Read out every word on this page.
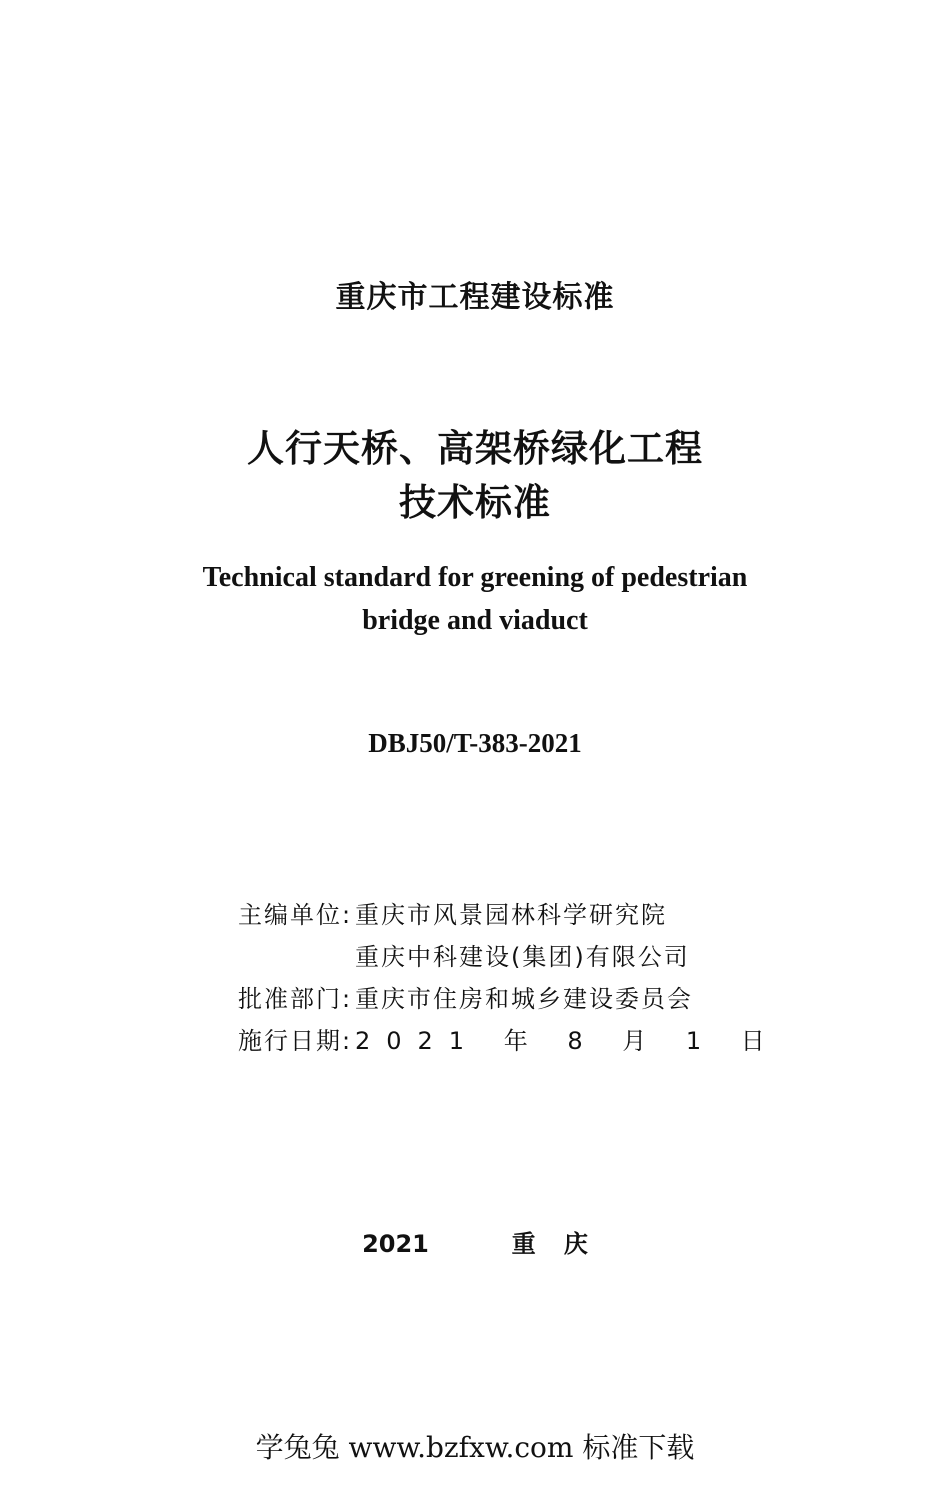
重庆市工程建设标准
人行天桥、高架桥绿化工程
技术标准
Technical standard for greening of pedestrian
bridge and viaduct
DBJ50/T-383-2021
主编单位: 重庆市风景园林科学研究院
重庆中科建设(集团)有限公司
批准部门: 重庆市住房和城乡建设委员会
施行日期: 2021 年 8 月 1 日
2021	重 庆
学兔兔 www.bzfxw.com 标准下载
